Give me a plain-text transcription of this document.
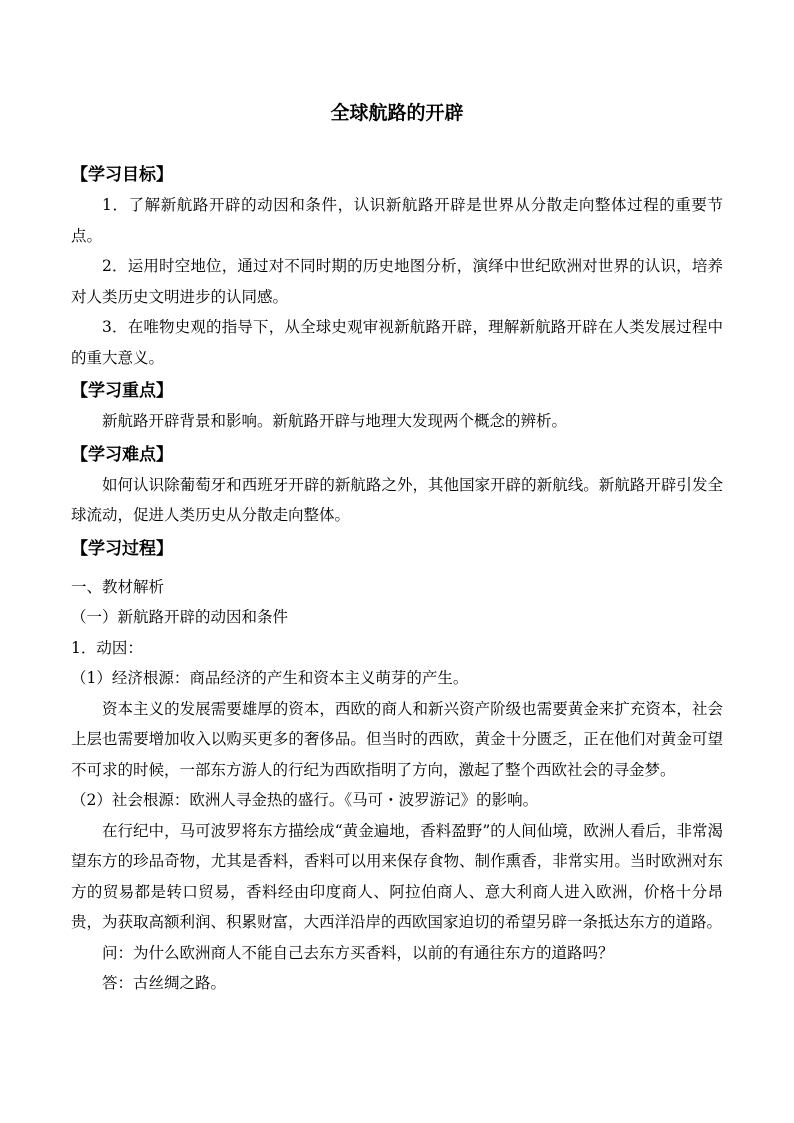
全球航路的开辟

【学习目标】

1．了解新航路开辟的动因和条件，认识新航路开辟是世界从分散走向整体过程的重要节点。

2．运用时空地位，通过对不同时期的历史地图分析，演绎中世纪欧洲对世界的认识，培养对人类历史文明进步的认同感。

3．在唯物史观的指导下，从全球史观审视新航路开辟，理解新航路开辟在人类发展过程中的重大意义。

【学习重点】

新航路开辟背景和影响。新航路开辟与地理大发现两个概念的辨析。

【学习难点】

如何认识除葡萄牙和西班牙开辟的新航路之外，其他国家开辟的新航线。新航路开辟引发全球流动，促进人类历史从分散走向整体。

【学习过程】

一、教材解析

（一）新航路开辟的动因和条件

1．动因：

（1）经济根源：商品经济的产生和资本主义萌芽的产生。

资本主义的发展需要雄厚的资本，西欧的商人和新兴资产阶级也需要黄金来扩充资本，社会上层也需要增加收入以购买更多的奢侈品。但当时的西欧，黄金十分匮乏，正在他们对黄金可望不可求的时候，一部东方游人的行纪为西欧指明了方向，激起了整个西欧社会的寻金梦。

（2）社会根源：欧洲人寻金热的盛行。《马可・波罗游记》的影响。

在行纪中，马可波罗将东方描绘成“黄金遍地，香料盈野”的人间仙境，欧洲人看后，非常渴望东方的珍品奇物，尤其是香料，香料可以用来保存食物、制作熏香，非常实用。当时欧洲对东方的贸易都是转口贸易，香料经由印度商人、阿拉伯商人、意大利商人进入欧洲，价格十分昂贵，为获取高额利润、积累财富，大西洋沿岸的西欧国家迫切的希望另辟一条抵达东方的道路。

问：为什么欧洲商人不能自己去东方买香料，以前的有通往东方的道路吗？

答：古丝绸之路。
